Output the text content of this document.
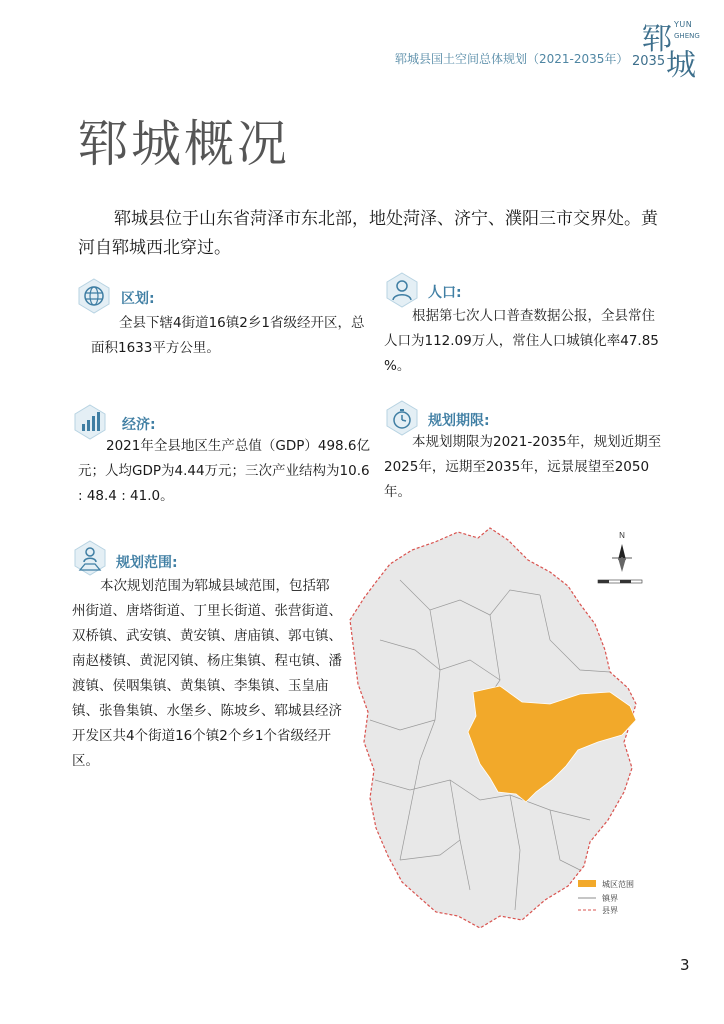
郓城县国土空间总体规划（2021-2035年）
郓 YUN
GHENG
2035 城
郓城概况
郓城县位于山东省菏泽市东北部，地处菏泽、济宁、濮阳三市交界处。黄河自郓城西北穿过。
区划:
全县下辖4街道16镇2乡1省级经开区，总面积1633平方公里。
人口:
根据第七次人口普查数据公报，全县常住人口为112.09万人，常住人口城镇化率47.85 %。
经济:
2021年全县地区生产总值（GDP）498.6亿元；人均GDP为4.44万元；三次产业结构为10.6 : 48.4 : 41.0。
规划期限:
本规划期限为2021-2035年，规划近期至2025年，远期至2035年，远景展望至2050年。
规划范围:
本次规划范围为郓城县域范围，包括郓州街道、唐塔街道、丁里长街道、张营街道、双桥镇、武安镇、黄安镇、唐庙镇、郭屯镇、南赵楼镇、黄泥冈镇、杨庄集镇、程屯镇、潘渡镇、侯咽集镇、黄集镇、李集镇、玉皇庙镇、张鲁集镇、水堡乡、陈坡乡、郓城县经济开发区共4个街道16个镇2个乡1个省级经开区。
N
城区范围
镇界
县界
3
